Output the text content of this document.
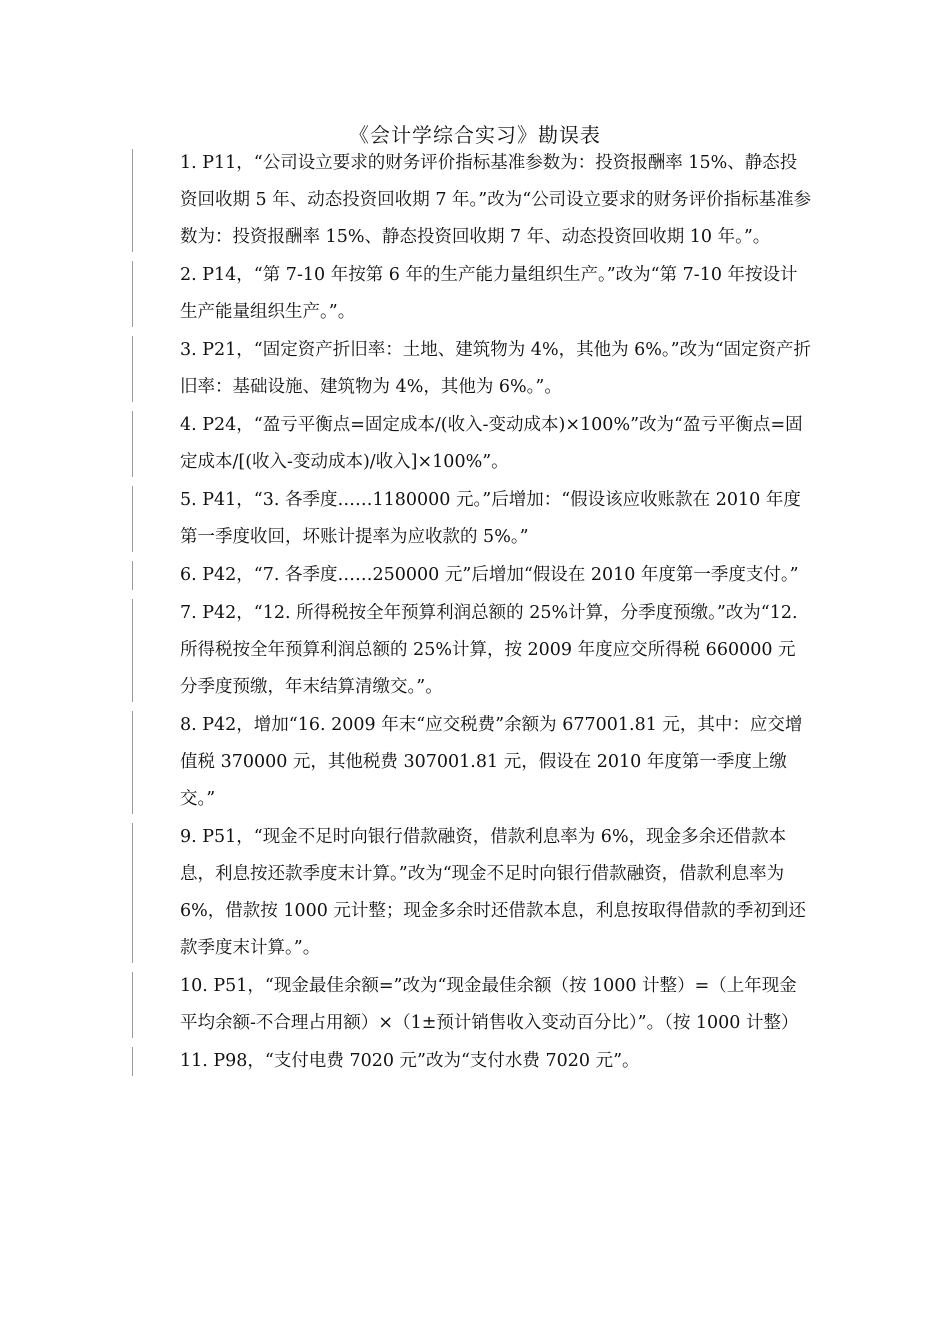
《会计学综合实习》勘误表
1. P11，“公司设立要求的财务评价指标基准参数为：投资报酬率 15%、静态投资回收期 5 年、动态投资回收期 7 年。”改为“公司设立要求的财务评价指标基准参数为：投资报酬率 15%、静态投资回收期 7 年、动态投资回收期 10 年。”。
2. P14，“第 7-10 年按第 6 年的生产能力量组织生产。”改为“第 7-10 年按设计生产能量组织生产。”。
3. P21，“固定资产折旧率：土地、建筑物为 4%，其他为 6%。”改为“固定资产折旧率：基础设施、建筑物为 4%，其他为 6%。”。
4. P24，“盈亏平衡点=固定成本/(收入-变动成本)×100%”改为“盈亏平衡点=固定成本/[(收入-变动成本)/收入]×100%”。
5. P41，“3. 各季度……1180000 元。”后增加：“假设该应收账款在 2010 年度第一季度收回，坏账计提率为应收款的 5%。”
6. P42，“7. 各季度……250000 元”后增加“假设在 2010 年度第一季度支付。”
7. P42，“12. 所得税按全年预算利润总额的 25%计算，分季度预缴。”改为“12. 所得税按全年预算利润总额的 25%计算，按 2009 年度应交所得税 660000 元分季度预缴，年末结算清缴交。”。
8. P42，增加“16. 2009 年末“应交税费”余额为 677001.81 元，其中：应交增值税 370000 元，其他税费 307001.81 元，假设在 2010 年度第一季度上缴交。”
9. P51，“现金不足时向银行借款融资，借款利息率为 6%，现金多余还借款本息，利息按还款季度末计算。”改为“现金不足时向银行借款融资，借款利息率为 6%，借款按 1000 元计整；现金多余时还借款本息，利息按取得借款的季初到还款季度末计算。”。
10. P51，“现金最佳余额=”改为“现金最佳余额（按 1000 计整）=（上年现金平均余额-不合理占用额）×（1±预计销售收入变动百分比）”。（按 1000 计整）
11. P98，“支付电费 7020 元”改为“支付水费 7020 元”。
